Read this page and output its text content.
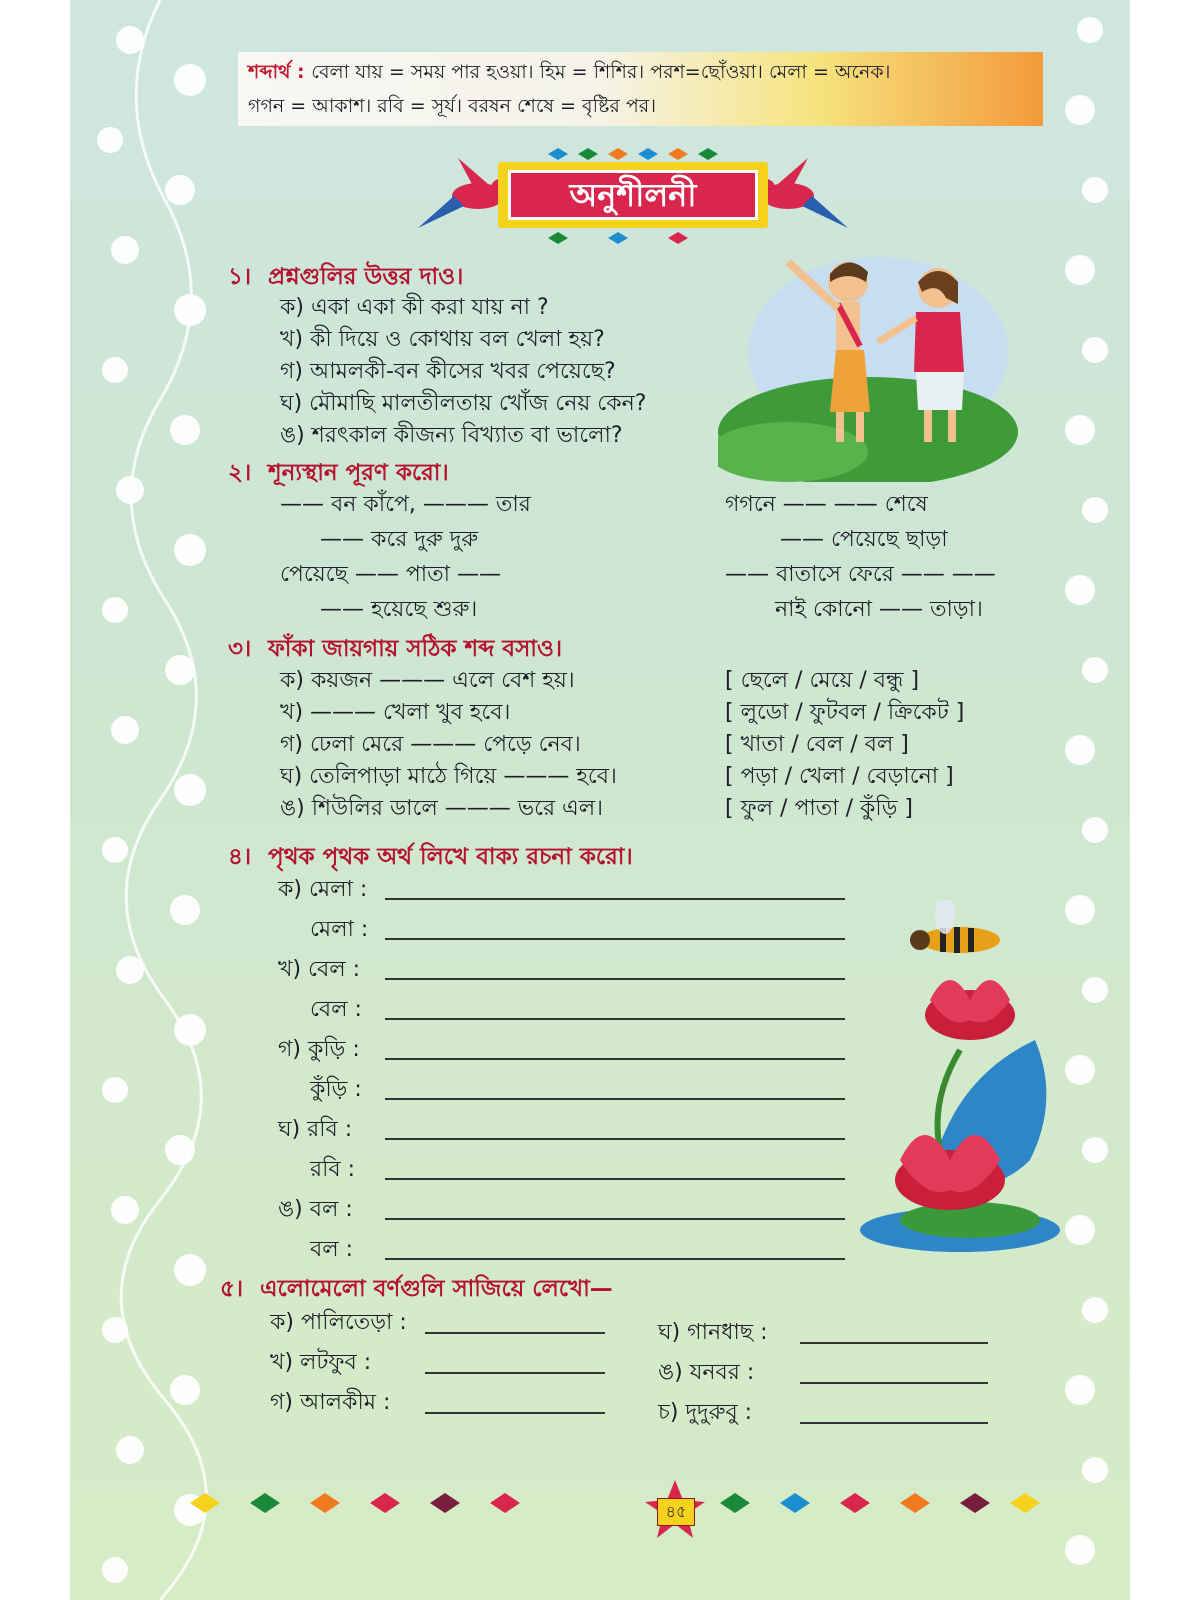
শব্দার্থ : বেলা যায় = সময় পার হওয়া। হিম = শিশির। পরশ=ছোঁওয়া। মেলা = অনেক।
গগন = আকাশ। রবি = সূর্য। বরষন শেষে = বৃষ্টির পর।
অনুশীলনী
১। প্রশ্নগুলির উত্তর দাও।
ক) একা একা কী করা যায় না ?
খ) কী দিয়ে ও কোথায় বল খেলা হয়?
গ) আমলকী-বন কীসের খবর পেয়েছে?
ঘ) মৌমাছি মালতীলতায় খোঁজ নেয় কেন?
ঙ) শরৎকাল কীজন্য বিখ্যাত বা ভালো?
২। শূন্যস্থান পূরণ করো।
—— বন কাঁপে, ——— তার
—— করে দুরু দুরু
পেয়েছে —— পাতা ——
—— হয়েছে শুরু।
গগনে —— —— শেষে
—— পেয়েছে ছাড়া
—— বাতাসে ফেরে —— ——
নাই কোনো —— তাড়া।
৩। ফাঁকা জায়গায় সঠিক শব্দ বসাও।
ক) কয়জন ——— এলে বেশ হয়।
খ) ——— খেলা খুব হবে।
গ) ঢেলা মেরে ——— পেড়ে নেব।
ঘ) তেলিপাড়া মাঠে গিয়ে ——— হবে।
ঙ) শিউলির ডালে ——— ভরে এল।
[ ছেলে / মেয়ে / বন্ধু ]
[ লুডো / ফুটবল / ক্রিকেট ]
[ খাতা / বেল / বল ]
[ পড়া / খেলা / বেড়ানো ]
[ ফুল / পাতা / কুঁড়ি ]
৪। পৃথক পৃথক অর্থ লিখে বাক্য রচনা করো।
ক) মেলা :
মেলা :
খ) বেল :
বেল :
গ) কুড়ি :
কুঁড়ি :
ঘ) রবি :
রবি :
ঙ) বল :
বল :
৫। এলোমেলো বর্ণগুলি সাজিয়ে লেখো—
ক) পালিতেড়া :
খ) লটফুব :
গ) আলকীম :
ঘ) গানধাছ :
ঙ) যনবর :
চ) দুদুরুবু :
৪৫
